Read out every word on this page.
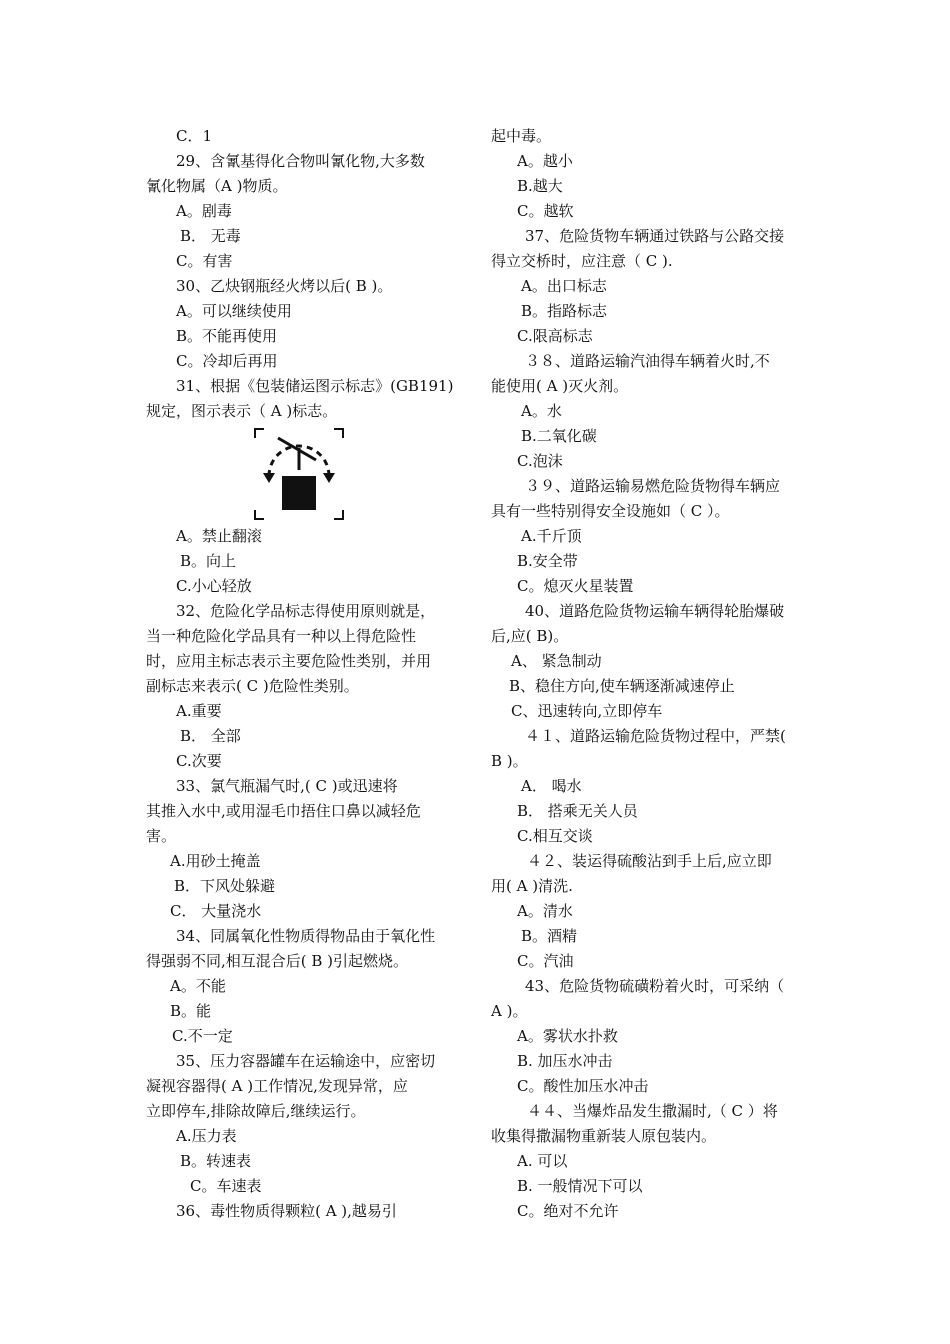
C．1
29、含氰基得化合物叫氰化物,大多数
氰化物属（A )物质。
A。剧毒
B． 无毒
C。有害
30、乙炔钢瓶经火烤以后( B )。
A。可以继续使用
B。不能再使用
C。冷却后再用
31、根据《包装储运图示标志》(GB191)
规定，图示表示（ A )标志。
A。禁止翻滚
B。向上
C.小心轻放
32、危险化学品标志得使用原则就是，
当一种危险化学品具有一种以上得危险性
时，应用主标志表示主要危险性类别，并用
副标志来表示( C )危险性类别。
A.重要
B． 全部
C.次要
33、氯气瓶漏气时,( C )或迅速将
其推入水中,或用湿毛巾捂住口鼻以减轻危
害。
A.用砂土掩盖
B．下风处躲避
C． 大量浇水
34、同属氧化性物质得物品由于氧化性
得强弱不同,相互混合后( B )引起燃烧。
A。不能
B。能
C.不一定
35、压力容器罐车在运输途中，应密切
凝视容器得( A )工作情况,发现异常，应
立即停车,排除故障后,继续运行。
A.压力表
B。转速表
C。车速表
36、毒性物质得颗粒( A ),越易引
起中毒。
A。越小
B.越大
C。越软
37、危险货物车辆通过铁路与公路交接
得立交桥时，应注意（ C ).
A。出口标志
B。指路标志
C.限高标志
３８、道路运输汽油得车辆着火时,不
能使用( A )灭火剂。
A。水
B.二氧化碳
C.泡沫
３９、道路运输易燃危险货物得车辆应
具有一些特别得安全设施如（ C ）。
A.千斤顶
B.安全带
C。熄灭火星装置
40、道路危险货物运输车辆得轮胎爆破
后,应( B)。
A、 紧急制动
B、稳住方向,使车辆逐渐减速停止
C、迅速转向,立即停车
４１、道路运输危险货物过程中，严禁(
B )。
A． 喝水
B． 搭乘无关人员
C.相互交谈
４２、装运得硫酸沾到手上后,应立即
用( A )清洗.
A。清水
B。酒精
C。汽油
43、危险货物硫磺粉着火时，可采纳（
A )。
A。雾状水扑救
B. 加压水冲击
C。酸性加压水冲击
４４、当爆炸品发生撒漏时,（ C ）将
收集得撒漏物重新装人原包装内。
A. 可以
B. 一般情况下可以
C。绝对不允许
